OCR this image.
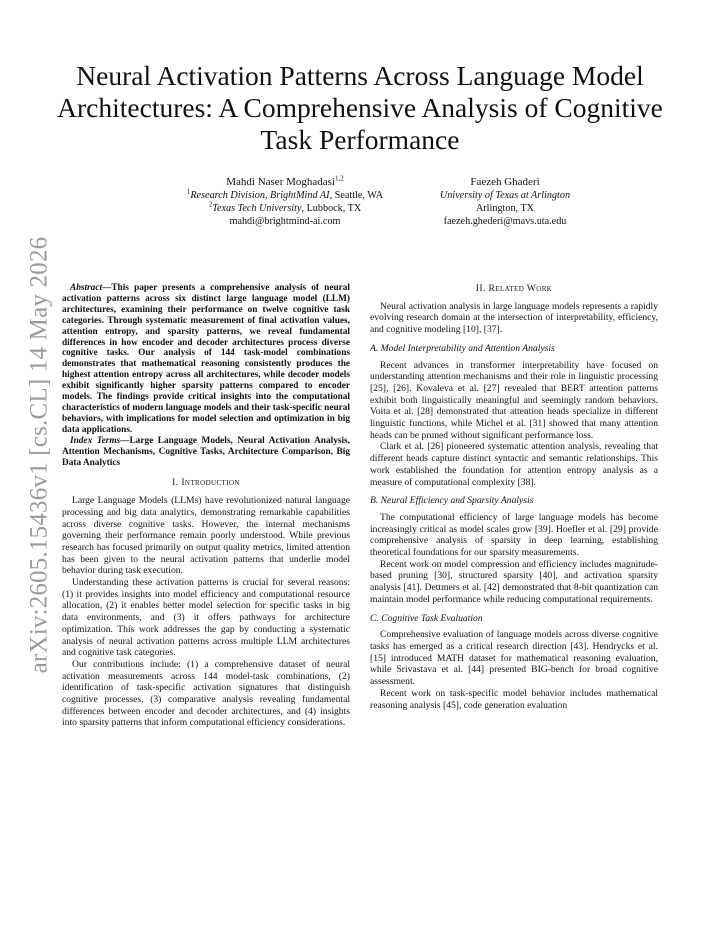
arXiv:2605.15436v1 [cs.CL] 14 May 2026
Neural Activation Patterns Across Language Model Architectures: A Comprehensive Analysis of Cognitive Task Performance
Mahdi Naser Moghadasi$^{1,2}$
$^1$Research Division, BrightMind AI, Seattle, WA
$^2$Texas Tech University, Lubbock, TX
mahdi@brightmind-ai.com
Faezeh Ghaderi
University of Texas at Arlington
Arlington, TX
faezeh.ghederi@mavs.uta.edu

Abstract—This paper presents a comprehensive analysis of neural activation patterns across six distinct large language model (LLM) architectures, examining their performance on twelve cognitive task categories. Through systematic measurement of final activation values, attention entropy, and sparsity patterns, we reveal fundamental differences in how encoder and decoder architectures process diverse cognitive tasks. Our analysis of 144 task-model combinations demonstrates that mathematical reasoning consistently produces the highest attention entropy across all architectures, while decoder models exhibit significantly higher sparsity patterns compared to encoder models. The findings provide critical insights into the computational characteristics of modern language models and their task-specific neural behaviors, with implications for model selection and optimization in big data applications.

Index Terms—Large Language Models, Neural Activation Analysis, Attention Mechanisms, Cognitive Tasks, Architecture Comparison, Big Data Analytics

I. Introduction

Large Language Models (LLMs) have revolutionized natural language processing and big data analytics, demonstrating remarkable capabilities across diverse cognitive tasks. However, the internal mechanisms governing their performance remain poorly understood. While previous research has focused primarily on output quality metrics, limited attention has been given to the neural activation patterns that underlie model behavior during task execution.

Understanding these activation patterns is crucial for several reasons: (1) it provides insights into model efficiency and computational resource allocation, (2) it enables better model selection for specific tasks in big data environments, and (3) it offers pathways for architecture optimization. This work addresses the gap by conducting a systematic analysis of neural activation patterns across multiple LLM architectures and cognitive task categories.

Our contributions include: (1) a comprehensive dataset of neural activation measurements across 144 model-task combinations, (2) identification of task-specific activation signatures that distinguish cognitive processes, (3) comparative analysis revealing fundamental differences between encoder and decoder architectures, and (4) insights into sparsity patterns that inform computational efficiency considerations.

II. Related Work

Neural activation analysis in large language models represents a rapidly evolving research domain at the intersection of interpretability, efficiency, and cognitive modeling [10], [37].

A. Model Interpretability and Attention Analysis

Recent advances in transformer interpretability have focused on understanding attention mechanisms and their role in linguistic processing [25], [26]. Kovaleva et al. [27] revealed that BERT attention patterns exhibit both linguistically meaningful and seemingly random behaviors. Voita et al. [28] demonstrated that attention heads specialize in different linguistic functions, while Michel et al. [31] showed that many attention heads can be pruned without significant performance loss.

Clark et al. [26] pioneered systematic attention analysis, revealing that different heads capture distinct syntactic and semantic relationships. This work established the foundation for attention entropy analysis as a measure of computational complexity [38].

B. Neural Efficiency and Sparsity Analysis

The computational efficiency of large language models has become increasingly critical as model scales grow [39]. Hoefler et al. [29] provide comprehensive analysis of sparsity in deep learning, establishing theoretical foundations for our sparsity measurements.

Recent work on model compression and efficiency includes magnitude-based pruning [30], structured sparsity [40], and activation sparsity analysis [41]. Dettmers et al. [42] demonstrated that 8-bit quantization can maintain model performance while reducing computational requirements.

C. Cognitive Task Evaluation

Comprehensive evaluation of language models across diverse cognitive tasks has emerged as a critical research direction [43]. Hendrycks et al. [15] introduced MATH dataset for mathematical reasoning evaluation, while Srivastava et al. [44] presented BIG-bench for broad cognitive assessment.

Recent work on task-specific model behavior includes mathematical reasoning analysis [45], code generation evaluation
